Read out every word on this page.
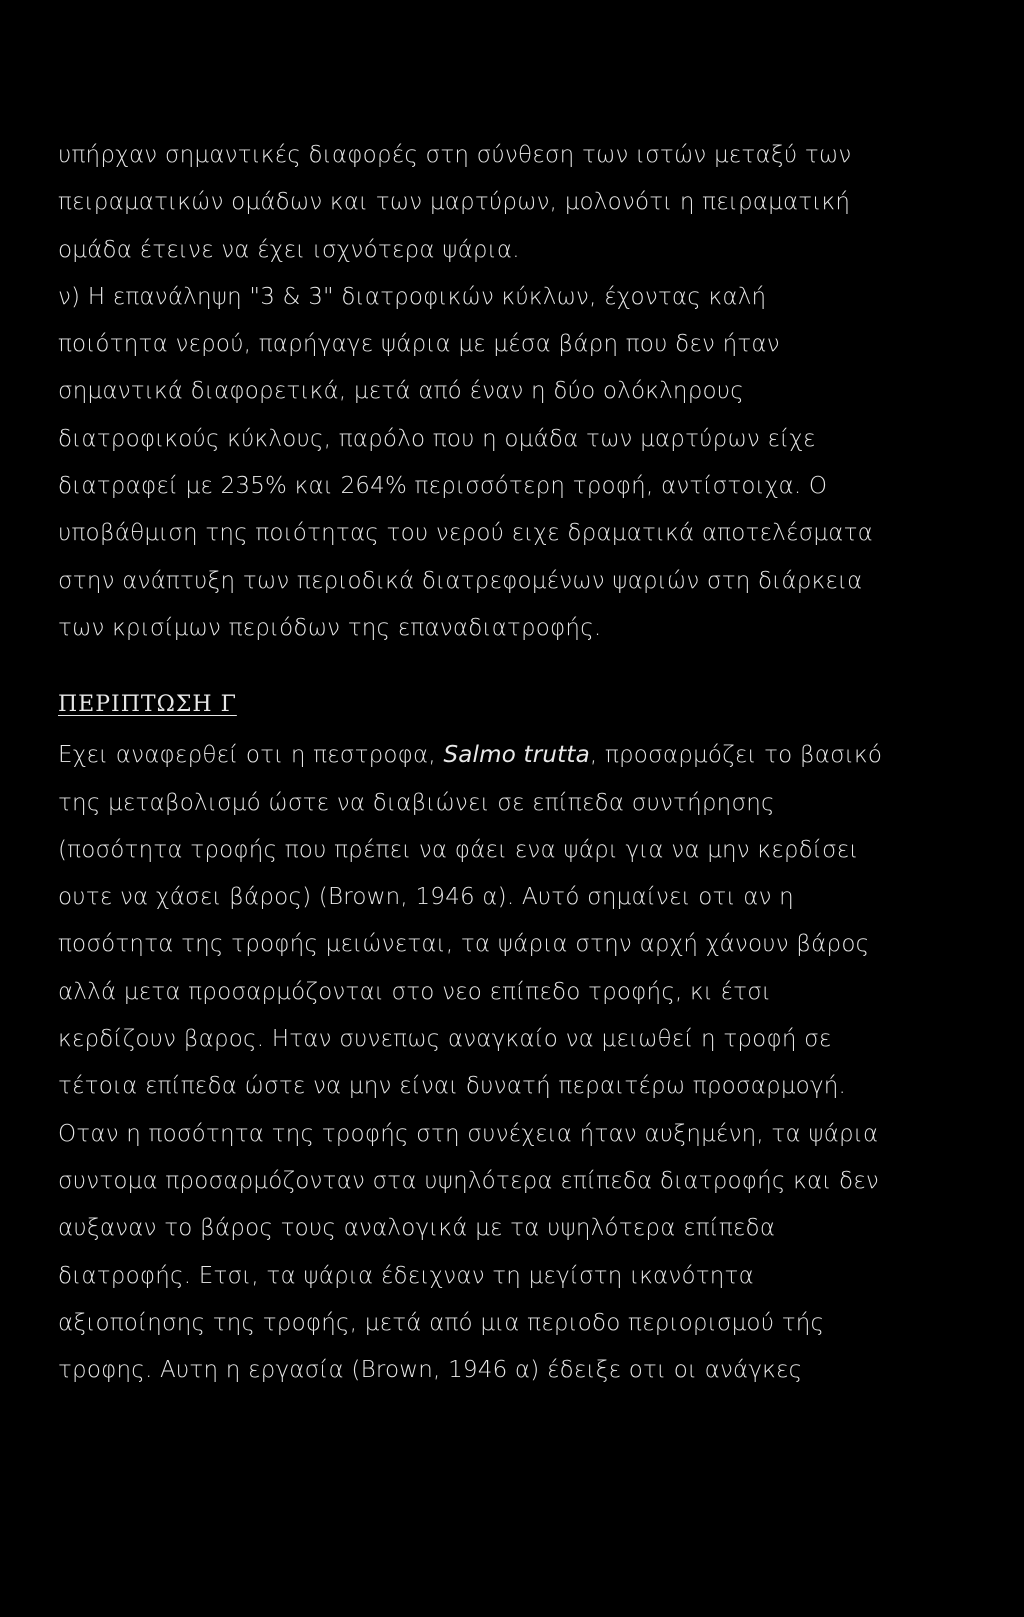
υπήρχαν σημαντικές διαφορές στη σύνθεση των ιστών μεταξύ των
πειραματικών ομάδων και των μαρτύρων, μολονότι η πειραματική
ομάδα έτεινε να έχει ισχνότερα ψάρια.
ν) Η επανάληψη "3 & 3" διατροφικών κύκλων, έχοντας καλή
ποιότητα νερού, παρήγαγε ψάρια με μέσα βάρη που δεν ήταν
σημαντικά διαφορετικά, μετά από έναν η δύο ολόκληρους
διατροφικούς κύκλους, παρόλο που η ομάδα των μαρτύρων είχε
διατραφεί με 235% και 264% περισσότερη τροφή, αντίστοιχα. Ο
υποβάθμιση της ποιότητας του νερού ειχε δραματικά αποτελέσματα
στην ανάπτυξη των περιοδικά διατρεφομένων ψαριών στη διάρκεια
των κρισίμων περιόδων της επαναδιατροφής.
ΠΕΡΙΠΤΩΣΗ Γ
Εχει αναφερθεί οτι η πεστροφα, Salmo trutta, προσαρμόζει το βασικό
της μεταβολισμό ώστε να διαβιώνει σε επίπεδα συντήρησης
(ποσότητα τροφής που πρέπει να φάει ενα ψάρι για να μην κερδίσει
ουτε να χάσει βάρος) (Brown, 1946 α). Αυτό σημαίνει οτι αν η
ποσότητα της τροφής μειώνεται, τα ψάρια στην αρχή χάνουν βάρος
αλλά μετα προσαρμόζονται στο νεο επίπεδο τροφής, κι έτσι
κερδίζουν βαρος. Ηταν συνεπως αναγκαίο να μειωθεί η τροφή σε
τέτοια επίπεδα ώστε να μην είναι δυνατή περαιτέρω προσαρμογή.
Οταν η ποσότητα της τροφής στη συνέχεια ήταν αυξημένη, τα ψάρια
συντομα προσαρμόζονταν στα υψηλότερα επίπεδα διατροφής και δεν
αυξαναν το βάρος τους αναλογικά με τα υψηλότερα επίπεδα
διατροφής. Ετσι, τα ψάρια έδειχναν τη μεγίστη ικανότητα
αξιοποίησης της τροφής, μετά από μια περιοδο περιορισμού τής
τροφης. Αυτη η εργασία (Brown, 1946 α) έδειξε οτι οι ανάγκες
